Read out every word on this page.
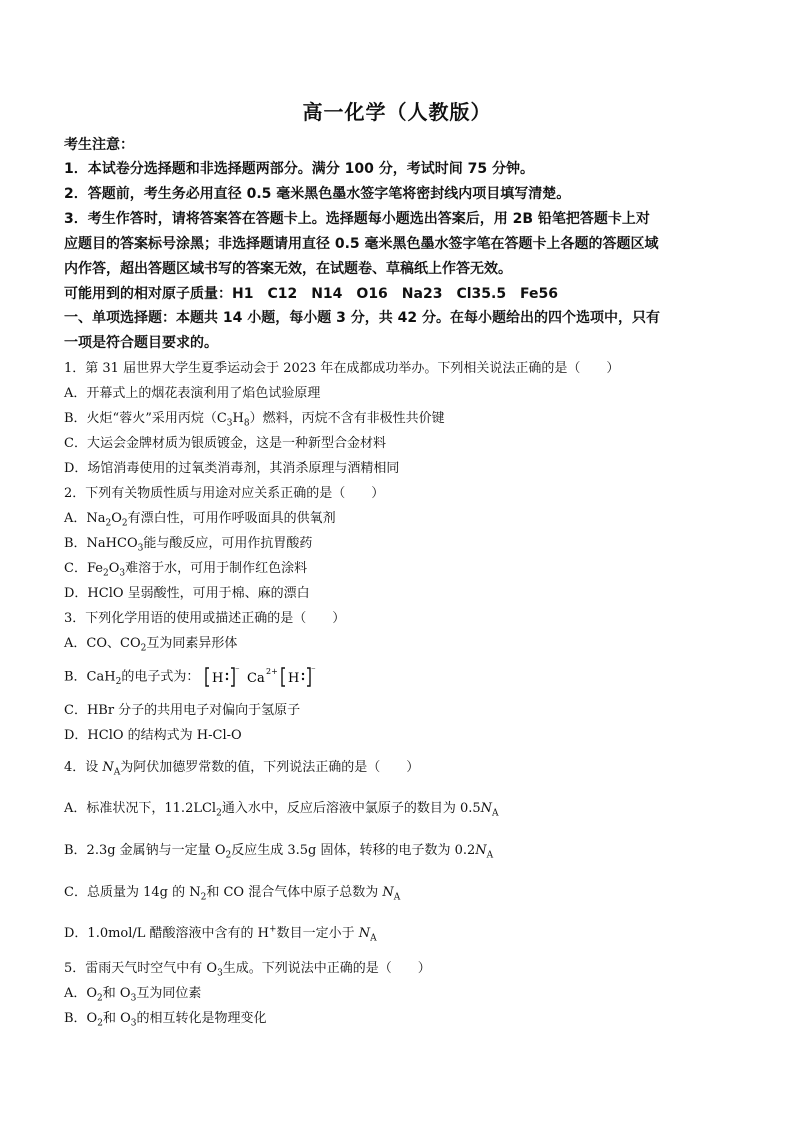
高一化学（人教版）
考生注意：
1．本试卷分选择题和非选择题两部分。满分 100 分，考试时间 75 分钟。
2．答题前，考生务必用直径 0.5 毫米黑色墨水签字笔将密封线内项目填写清楚。
3．考生作答时，请将答案答在答题卡上。选择题每小题选出答案后，用 2B 铅笔把答题卡上对
应题目的答案标号涂黑；非选择题请用直径 0.5 毫米黑色墨水签字笔在答题卡上各题的答题区域
内作答，超出答题区域书写的答案无效，在试题卷、草稿纸上作答无效。
可能用到的相对原子质量：H1　C12　N14　O16　Na23　Cl35.5　Fe56
一、单项选择题：本题共 14 小题，每小题 3 分，共 42 分。在每小题给出的四个选项中，只有
一项是符合题目要求的。
1．第 31 届世界大学生夏季运动会于 2023 年在成都成功举办。下列相关说法正确的是（　　）
A．开幕式上的烟花表演利用了焰色试验原理
B．火炬“蓉火”采用丙烷$(C_3H_8)$燃料，丙烷不含有非极性共价键
C．大运会金牌材质为银质镀金，这是一种新型合金材料
D．场馆消毒使用的过氧类消毒剂，其消杀原理与酒精相同
2．下列有关物质性质与用途对应关系正确的是（　　）
A．$Na_2O_2$有漂白性，可用作呼吸面具的供氧剂
B．NaHCO$_3$能与酸反应，可用作抗胃酸药
C．$Fe_2O_3$难溶于水，可用于制作红色涂料
D．HClO 呈弱酸性，可用于棉、麻的漂白
3．下列化学用语的使用或描述正确的是（　　）
A．CO、$CO_2$互为同素异形体
B．CaH$_2$的电子式为： H ⁻ Ca 2+ H ⁻
C．HBr 分子的共用电子对偏向于氢原子
D．HClO 的结构式为 H-Cl-O
4．设 $N_A$为阿伏加德罗常数的值，下列说法正确的是（　　）
A．标准状况下，11.2LCl$_2$通入水中，反应后溶液中氯原子的数目为 $0.5N_A$
B．2.3g 金属钠与一定量 $O_2$反应生成 3.5g 固体，转移的电子数为 $0.2N_A$
C．总质量为 14g 的 $N_2$和 CO 混合气体中原子总数为 $N_A$
D．1.0mol/L 醋酸溶液中含有的 H+数目一定小于 $N_A$
5．雷雨天气时空气中有 $O_3$生成。下列说法中正确的是（　　）
A．$O_2$和 $O_3$互为同位素
B．$O_2$和 $O_3$的相互转化是物理变化
